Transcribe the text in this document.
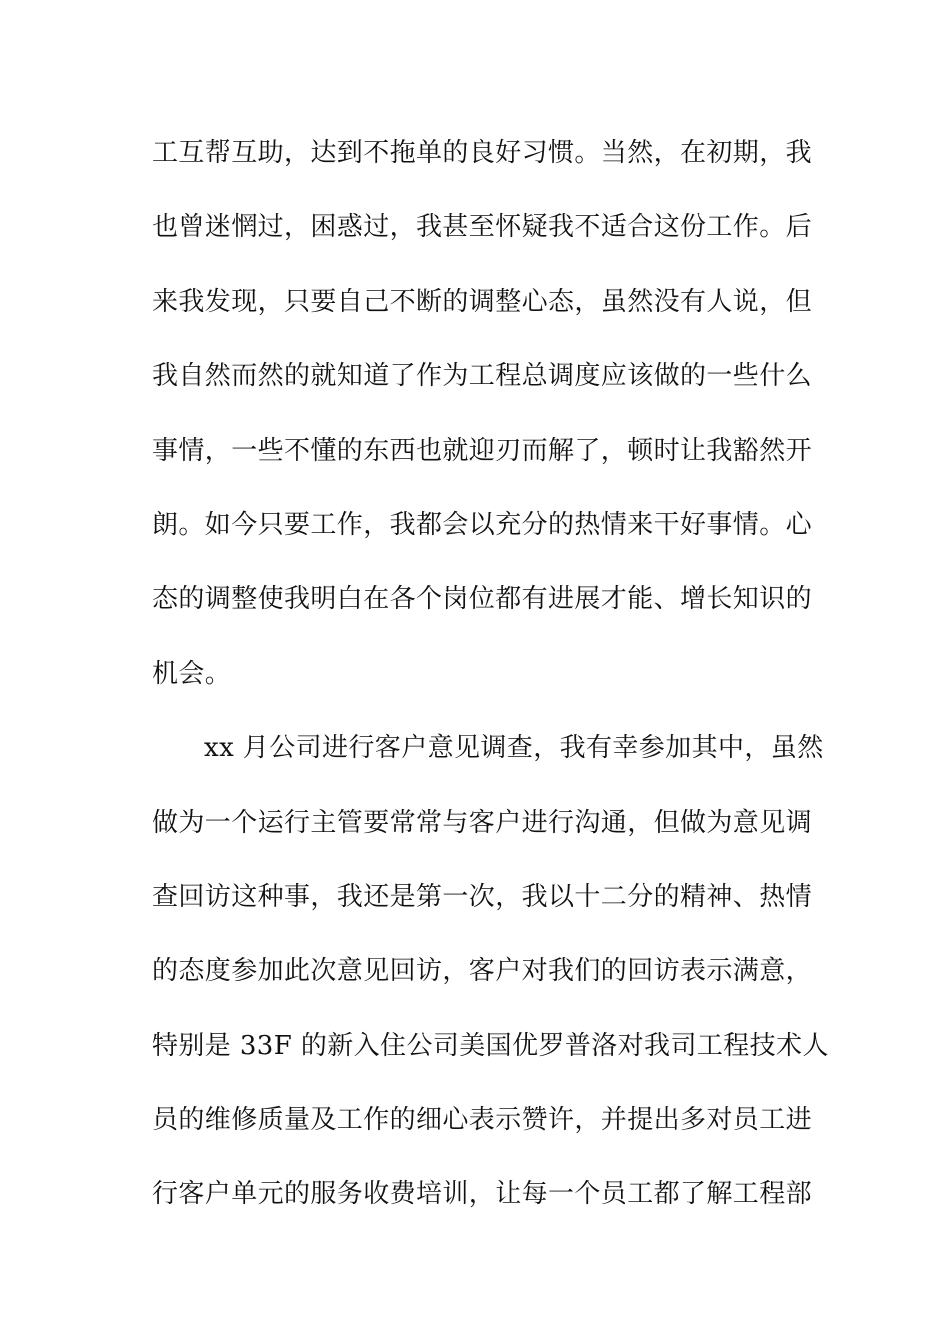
工互帮互助，达到不拖单的良好习惯。当然，在初期，我
也曾迷惘过，困惑过，我甚至怀疑我不适合这份工作。后
来我发现，只要自己不断的调整心态，虽然没有人说，但
我自然而然的就知道了作为工程总调度应该做的一些什么
事情，一些不懂的东西也就迎刃而解了，顿时让我豁然开
朗。如今只要工作，我都会以充分的热情来干好事情。心
态的调整使我明白在各个岗位都有进展才能、增长知识的
机会。
xx 月公司进行客户意见调查，我有幸参加其中，虽然
做为一个运行主管要常常与客户进行沟通，但做为意见调
查回访这种事，我还是第一次，我以十二分的精神、热情
的态度参加此次意见回访，客户对我们的回访表示满意，
特别是 33F 的新入住公司美国优罗普洛对我司工程技术人
员的维修质量及工作的细心表示赞许，并提出多对员工进
行客户单元的服务收费培训，让每一个员工都了解工程部
